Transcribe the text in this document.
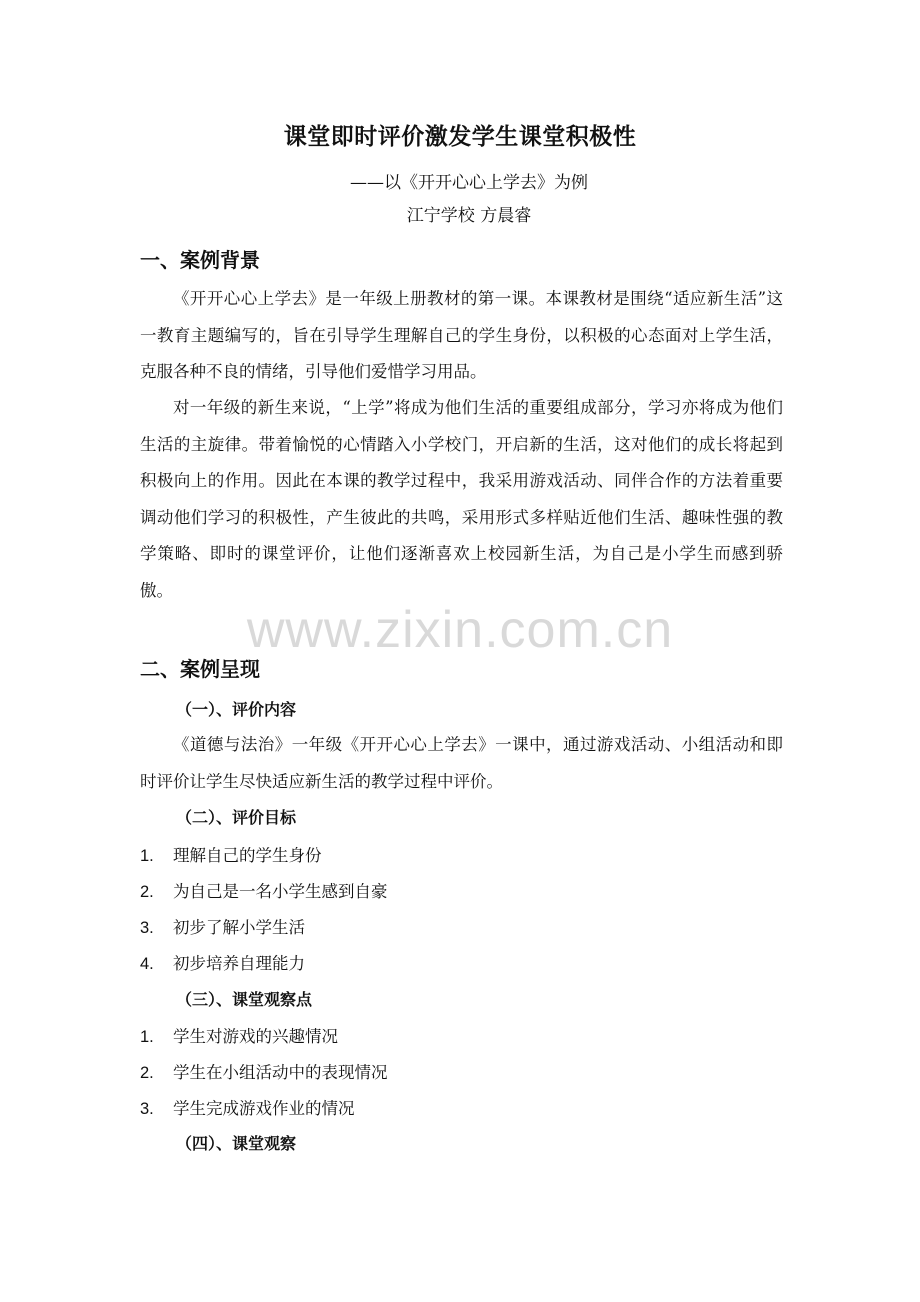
课堂即时评价激发学生课堂积极性
——以《开开心心上学去》为例
江宁学校 方晨睿
一、案例背景

《开开心心上学去》是一年级上册教材的第一课。本课教材是围绕“适应新生活”这一教育主题编写的，旨在引导学生理解自己的学生身份，以积极的心态面对上学生活，克服各种不良的情绪，引导他们爱惜学习用品。

对一年级的新生来说，“上学”将成为他们生活的重要组成部分，学习亦将成为他们生活的主旋律。带着愉悦的心情踏入小学校门，开启新的生活，这对他们的成长将起到积极向上的作用。因此在本课的教学过程中，我采用游戏活动、同伴合作的方法着重要调动他们学习的积极性，产生彼此的共鸣，采用形式多样贴近他们生活、趣味性强的教学策略、即时的课堂评价，让他们逐渐喜欢上校园新生活，为自己是小学生而感到骄傲。

www.zixin.com.cn
二、案例呈现
（一）、评价内容

《道德与法治》一年级《开开心心上学去》一课中，通过游戏活动、小组活动和即时评价让学生尽快适应新生活的教学过程中评价。

（二）、评价目标
1.	理解自己的学生身份
2.	为自己是一名小学生感到自豪
3.	初步了解小学生活
4.	初步培养自理能力
（三）、课堂观察点
1.	学生对游戏的兴趣情况
2.	学生在小组活动中的表现情况
3.	学生完成游戏作业的情况
（四）、课堂观察
